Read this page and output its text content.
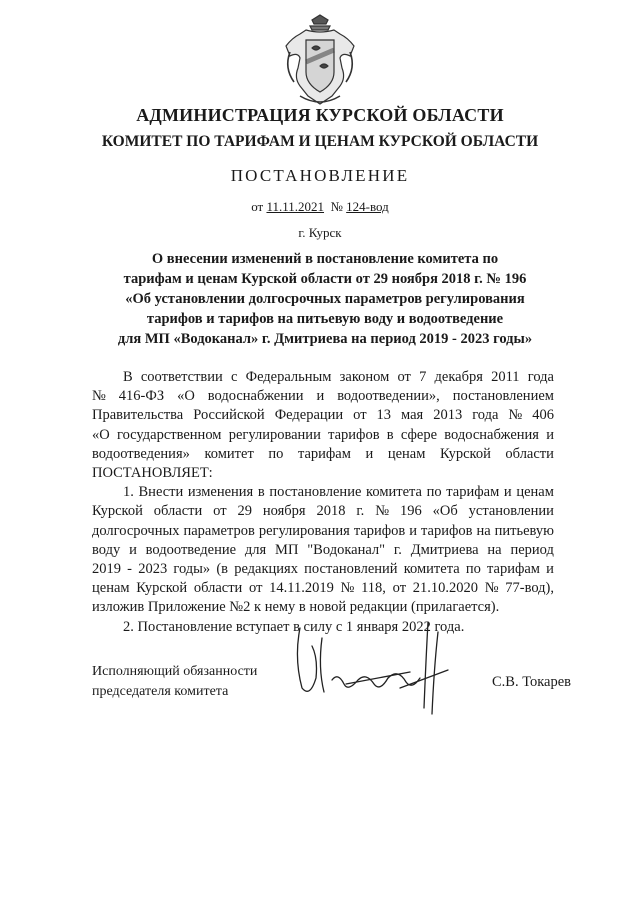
АДМИНИСТРАЦИЯ КУРСКОЙ ОБЛАСТИ
КОМИТЕТ ПО ТАРИФАМ И ЦЕНАМ КУРСКОЙ ОБЛАСТИ
ПОСТАНОВЛЕНИЕ
от 11.11.2021 № 124-вод
г. Курск
О внесении изменений в постановление комитета по
тарифам и ценам Курской области от 29 ноября 2018 г. № 196
«Об установлении долгосрочных параметров регулирования
тарифов и тарифов на питьевую воду и водоотведение
для МП «Водоканал» г. Дмитриева на период 2019 - 2023 годы»
В соответствии с Федеральным законом от 7 декабря 2011 года
№ 416-ФЗ «О водоснабжении и водоотведении», постановлением
Правительства Российской Федерации от 13 мая 2013 года № 406
«О государственном регулировании тарифов в сфере водоснабжения и
водоотведения» комитет по тарифам и ценам Курской области
ПОСТАНОВЛЯЕТ:
1. Внести изменения в постановление комитета по тарифам и ценам
Курской области от 29 ноября 2018 г. № 196 «Об установлении
долгосрочных параметров регулирования тарифов и тарифов на питьевую
воду и водоотведение для МП "Водоканал" г. Дмитриева на период
2019 - 2023 годы» (в редакциях постановлений комитета по тарифам и
ценам Курской области от 14.11.2019 № 118, от 21.10.2020 № 77-вод),
изложив Приложение №2 к нему в новой редакции (прилагается).
2. Постановление вступает в силу с 1 января 2022 года.
Исполняющий обязанности
председателя комитета
С.В. Токарев
